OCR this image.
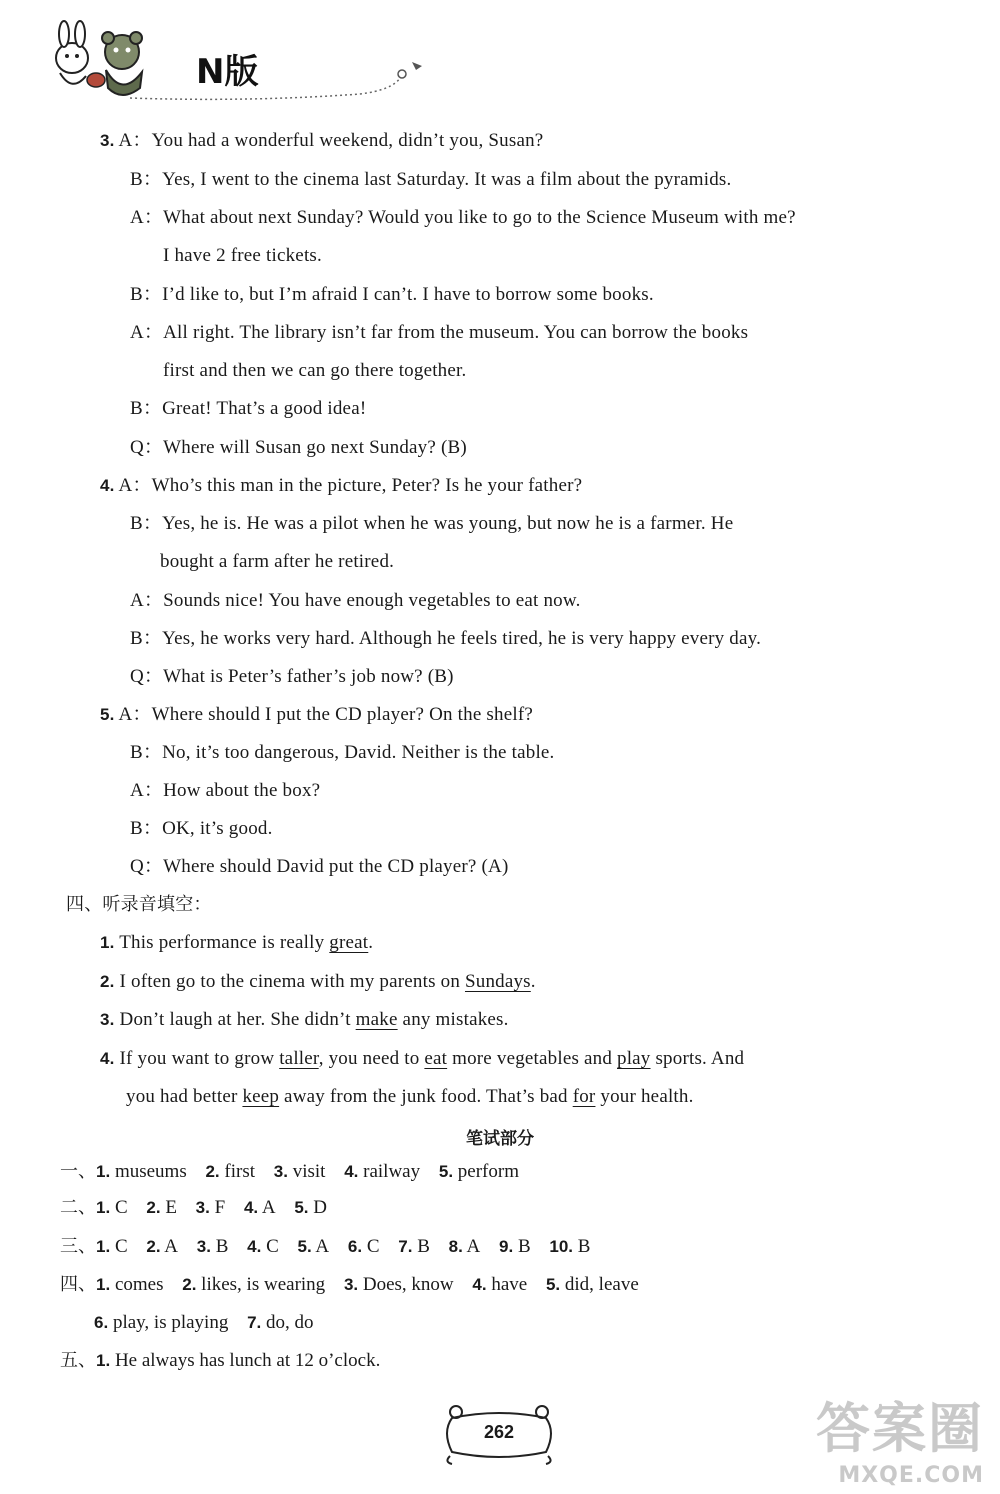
N版
3. A：You had a wonderful weekend, didn’t you, Susan?
B：Yes, I went to the cinema last Saturday. It was a film about the pyramids.
A：What about next Sunday? Would you like to go to the Science Museum with me?
I have 2 free tickets.
B：I’d like to, but I’m afraid I can’t. I have to borrow some books.
A：All right. The library isn’t far from the museum. You can borrow the books
first and then we can go there together.
B：Great! That’s a good idea!
Q：Where will Susan go next Sunday? (B)
4. A：Who’s this man in the picture, Peter? Is he your father?
B：Yes, he is. He was a pilot when he was young, but now he is a farmer. He
bought a farm after he retired.
A：Sounds nice! You have enough vegetables to eat now.
B：Yes, he works very hard. Although he feels tired, he is very happy every day.
Q：What is Peter’s father’s job now? (B)
5. A：Where should I put the CD player? On the shelf?
B：No, it’s too dangerous, David. Neither is the table.
A：How about the box?
B：OK, it’s good.
Q：Where should David put the CD player? (A)
四、听录音填空：
1. This performance is really great.
2. I often go to the cinema with my parents on Sundays.
3. Don’t laugh at her. She didn’t make any mistakes.
4. If you want to grow taller, you need to eat more vegetables and play sports. And
you had better keep away from the junk food. That’s bad for your health.
笔试部分
一、1. museums 2. first 3. visit 4. railway 5. perform
二、1. C 2. E 3. F 4. A 5. D
三、1. C 2. A 3. B 4. C 5. A 6. C 7. B 8. A 9. B 10. B
四、1. comes 2. likes, is wearing 3. Does, know 4. have 5. did, leave
6. play, is playing 7. do, do
五、1. He always has lunch at 12 o’clock.
262	答案圈
MXQE.COM
